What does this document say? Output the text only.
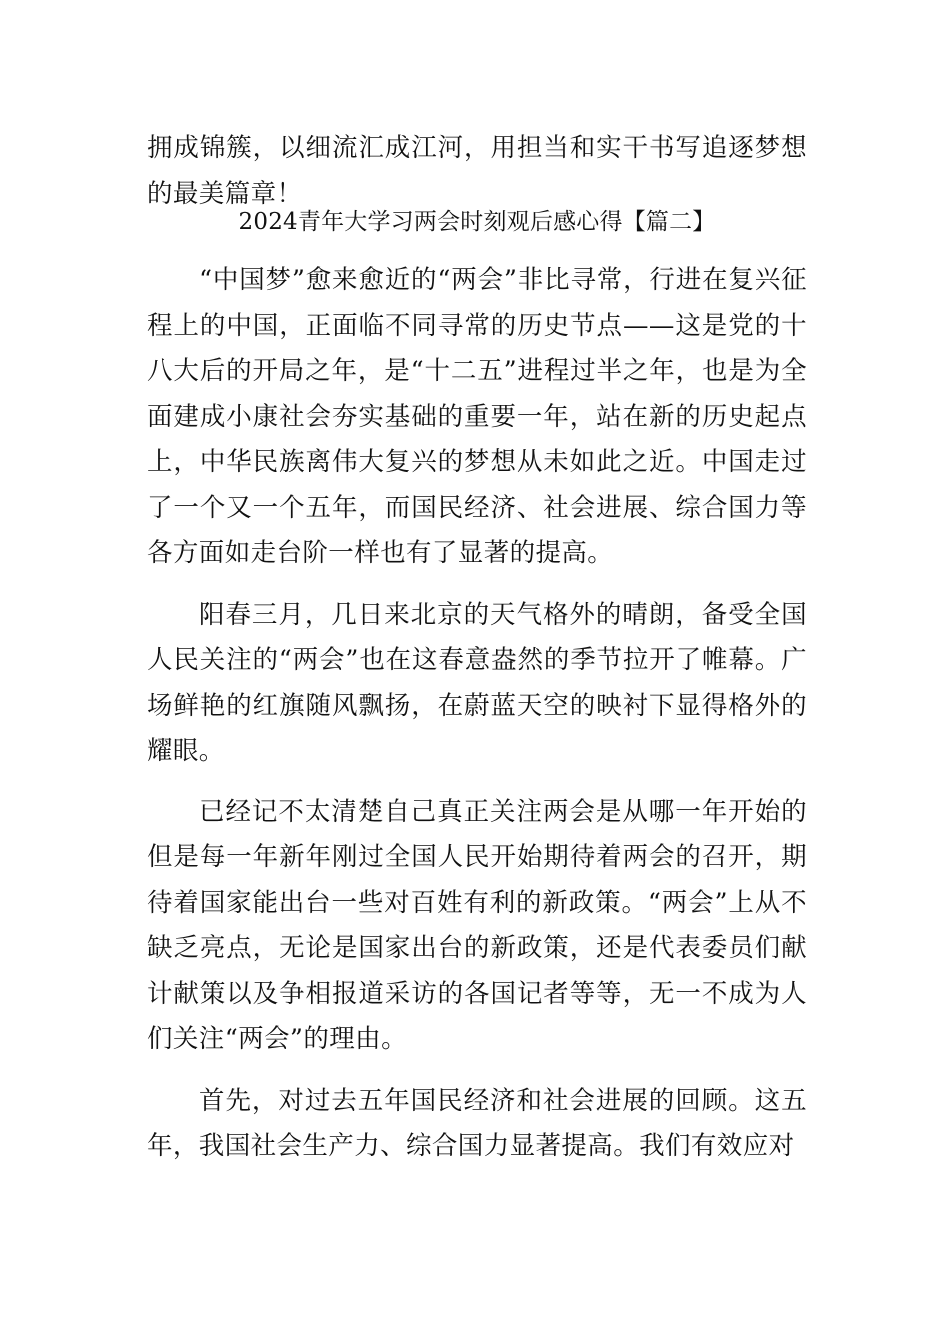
拥成锦簇，以细流汇成江河，用担当和实干书写追逐梦想的最美篇章！
2024青年大学习两会时刻观后感心得【篇二】

“中国梦”愈来愈近的“两会”非比寻常，行进在复兴征程上的中国，正面临不同寻常的历史节点——这是党的十八大后的开局之年，是“十二五”进程过半之年，也是为全面建成小康社会夯实基础的重要一年，站在新的历史起点上，中华民族离伟大复兴的梦想从未如此之近。中国走过了一个又一个五年，而国民经济、社会进展、综合国力等各方面如走台阶一样也有了显著的提高。

阳春三月，几日来北京的天气格外的晴朗，备受全国人民关注的“两会”也在这春意盎然的季节拉开了帷幕。广场鲜艳的红旗随风飘扬，在蔚蓝天空的映衬下显得格外的耀眼。

已经记不太清楚自己真正关注两会是从哪一年开始的但是每一年新年刚过全国人民开始期待着两会的召开，期待着国家能出台一些对百姓有利的新政策。“两会”上从不缺乏亮点，无论是国家出台的新政策，还是代表委员们献计献策以及争相报道采访的各国记者等等，无一不成为人们关注“两会”的理由。

首先，对过去五年国民经济和社会进展的回顾。这五年，我国社会生产力、综合国力显著提高。我们有效应对
